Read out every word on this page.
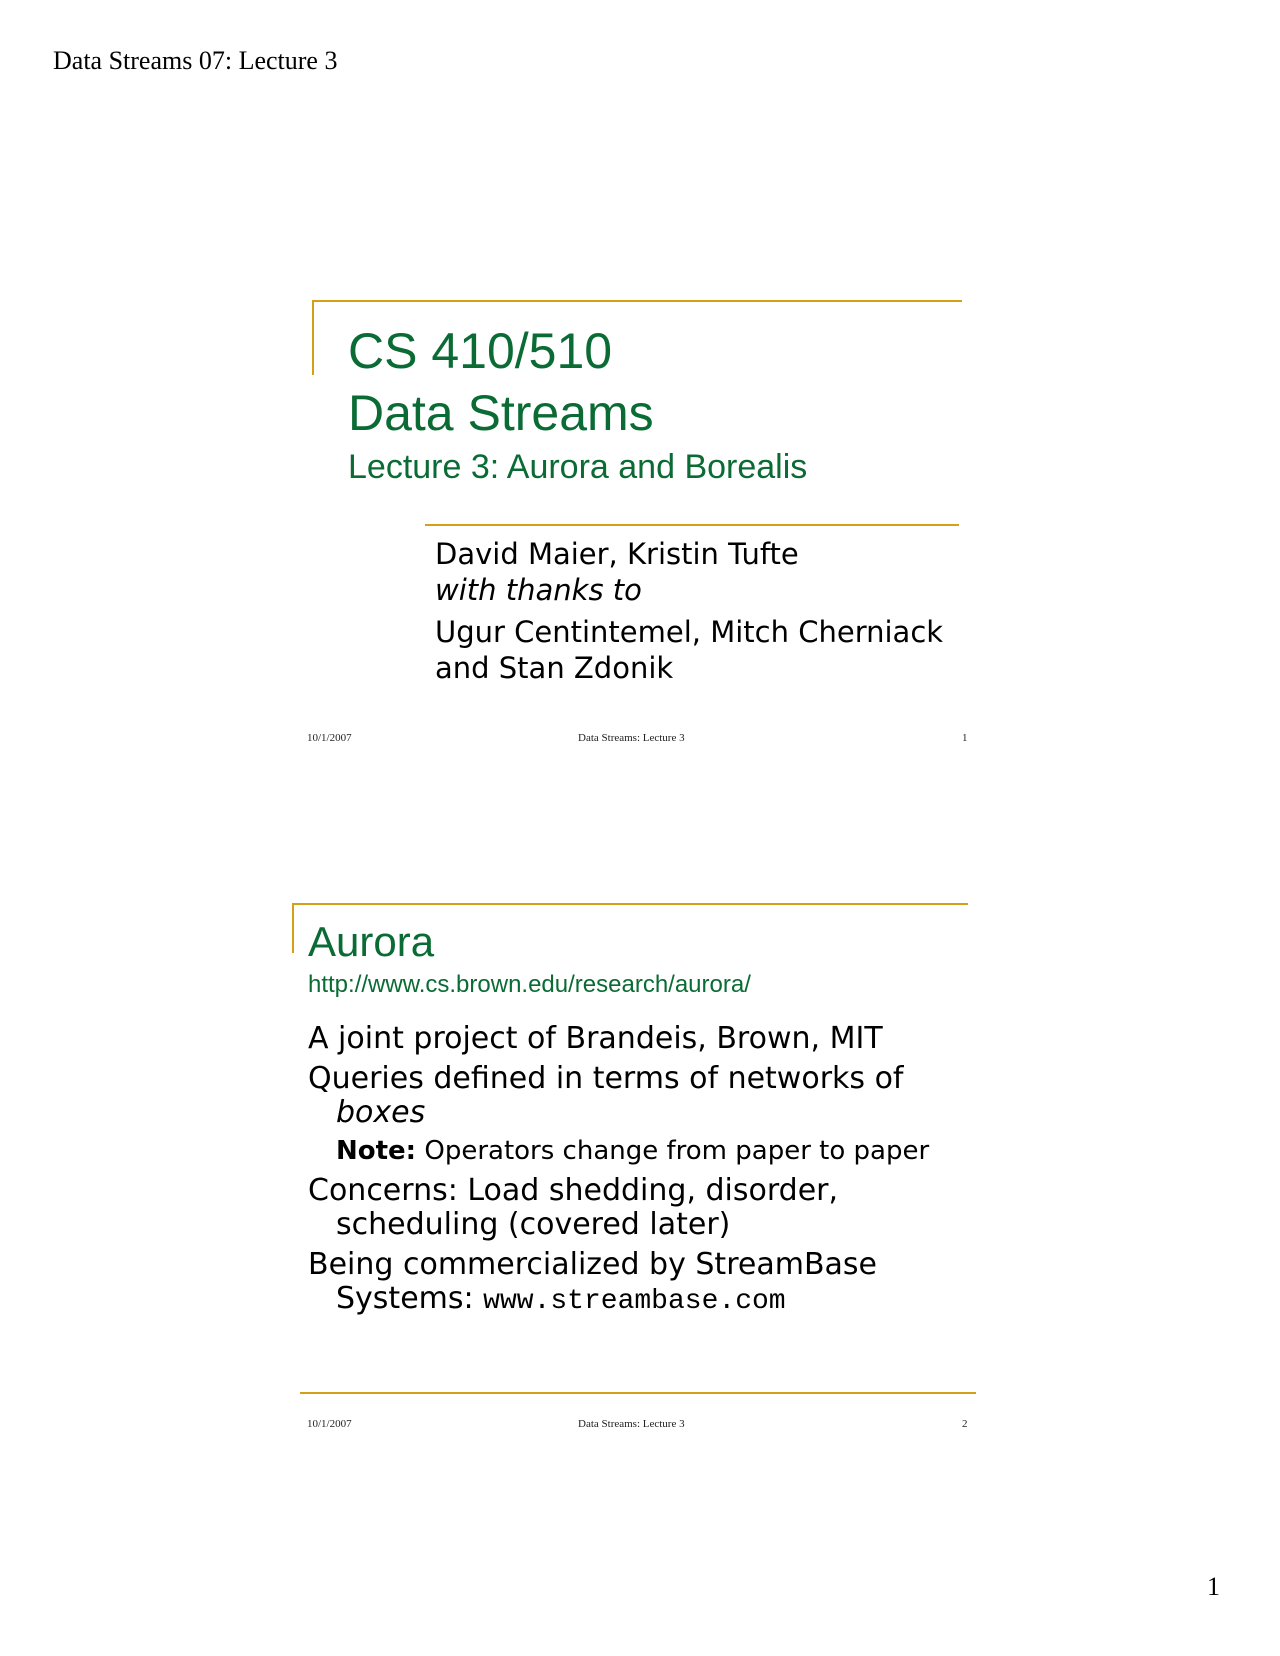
Data Streams 07: Lecture 3
CS 410/510
Data Streams
Lecture 3: Aurora and Borealis
David Maier, Kristin Tufte
with thanks to
Ugur Centintemel, Mitch Cherniack
and Stan Zdonik
10/1/2007	Data Streams: Lecture 3	1
Aurora
http://www.cs.brown.edu/research/aurora/
A joint project of Brandeis, Brown, MIT
Queries defined in terms of networks of
boxes
Note: Operators change from paper to paper
Concerns: Load shedding, disorder,
scheduling (covered later)
Being commercialized by StreamBase
Systems: www.streambase.com
10/1/2007	Data Streams: Lecture 3	2
1
